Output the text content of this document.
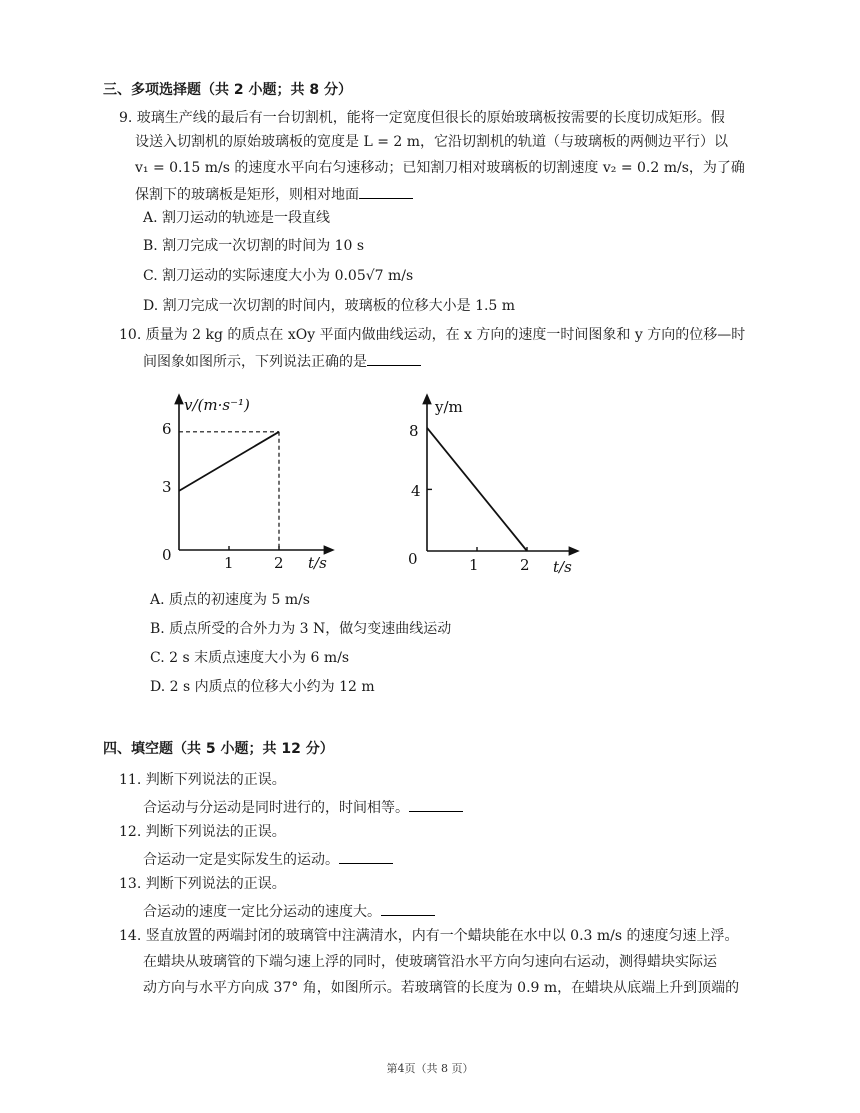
三、多项选择题（共 2 小题；共 8 分）
9. 玻璃生产线的最后有一台切割机，能将一定宽度但很长的原始玻璃板按需要的长度切成矩形。假
设送入切割机的原始玻璃板的宽度是 L = 2 m，它沿切割机的轨道（与玻璃板的两侧边平行）以
v₁ = 0.15 m/s 的速度水平向右匀速移动；已知割刀相对玻璃板的切割速度 v₂ = 0.2 m/s，为了确
保割下的玻璃板是矩形，则相对地面
A. 割刀运动的轨迹是一段直线
B. 割刀完成一次切割的时间为 10 s
C. 割刀运动的实际速度大小为 0.05√7 m/s
D. 割刀完成一次切割的时间内，玻璃板的位移大小是 1.5 m
10. 质量为 2 kg 的质点在 xOy 平面内做曲线运动，在 x 方向的速度一时间图象和 y 方向的位移—时
间图象如图所示，下列说法正确的是
v/(m·s⁻¹)
t/s
0
6
3
1	2
y/m
t/s
0
8
4
1	2
A. 质点的初速度为 5 m/s
B. 质点所受的合外力为 3 N，做匀变速曲线运动
C. 2 s 末质点速度大小为 6 m/s
D. 2 s 内质点的位移大小约为 12 m
四、填空题（共 5 小题；共 12 分）
11. 判断下列说法的正误。
合运动与分运动是同时进行的，时间相等。
12. 判断下列说法的正误。
合运动一定是实际发生的运动。
13. 判断下列说法的正误。
合运动的速度一定比分运动的速度大。
14. 竖直放置的两端封闭的玻璃管中注满清水，内有一个蜡块能在水中以 0.3 m/s 的速度匀速上浮。
在蜡块从玻璃管的下端匀速上浮的同时，使玻璃管沿水平方向匀速向右运动，测得蜡块实际运
动方向与水平方向成 37° 角，如图所示。若玻璃管的长度为 0.9 m，在蜡块从底端上升到顶端的
第4页（共 8 页）
